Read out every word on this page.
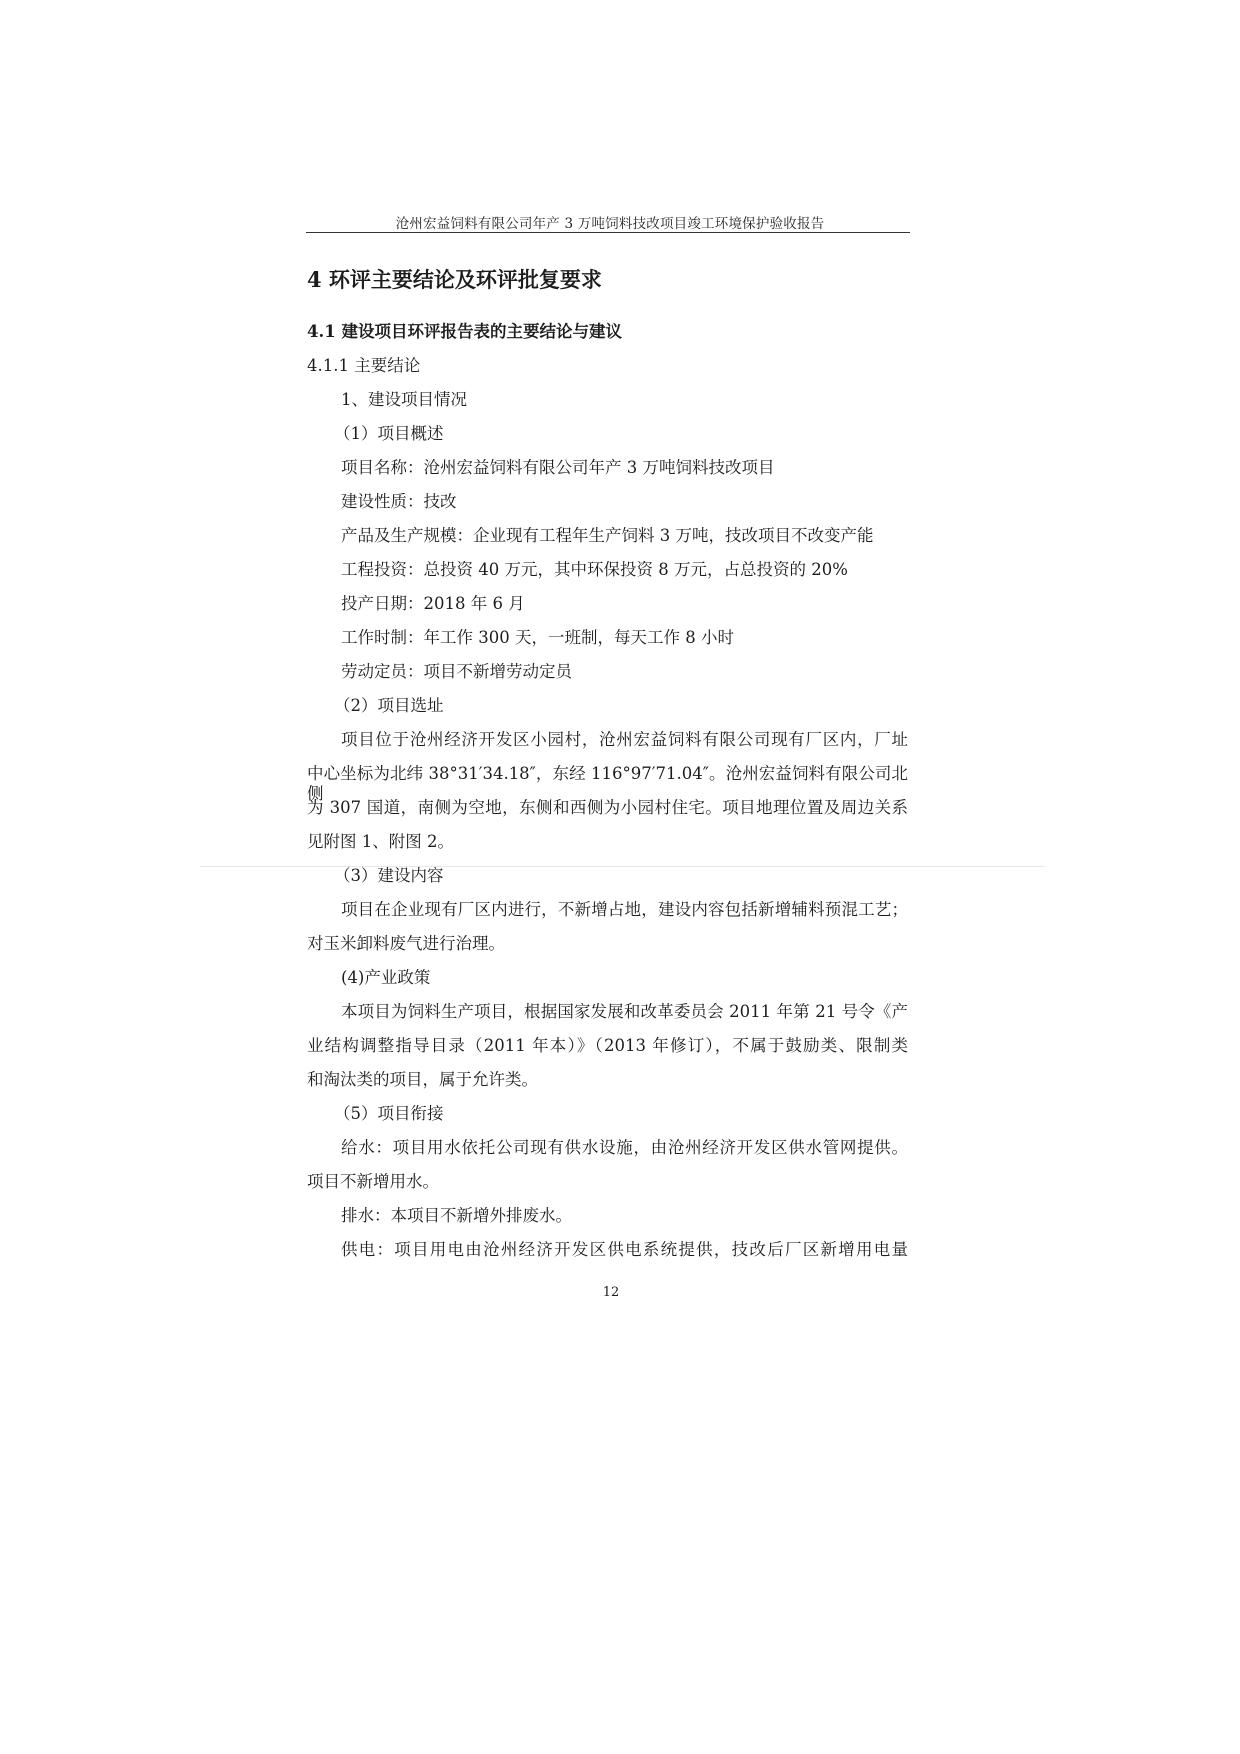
沧州宏益饲料有限公司年产 3 万吨饲料技改项目竣工环境保护验收报告
4 环评主要结论及环评批复要求
4.1 建设项目环评报告表的主要结论与建议
4.1.1 主要结论
1、建设项目情况
（1）项目概述
项目名称：沧州宏益饲料有限公司年产 3 万吨饲料技改项目
建设性质：技改
产品及生产规模：企业现有工程年生产饲料 3 万吨，技改项目不改变产能
工程投资：总投资 40 万元，其中环保投资 8 万元，占总投资的 20%
投产日期：2018 年 6 月
工作时制：年工作 300 天，一班制，每天工作 8 小时
劳动定员：项目不新增劳动定员
（2）项目选址
项目位于沧州经济开发区小园村，沧州宏益饲料有限公司现有厂区内，厂址
中心坐标为北纬 38°31′34.18″，东经 116°97′71.04″。沧州宏益饲料有限公司北侧
为 307 国道，南侧为空地，东侧和西侧为小园村住宅。项目地理位置及周边关系
见附图 1、附图 2。
（3）建设内容
项目在企业现有厂区内进行，不新增占地，建设内容包括新增辅料预混工艺；
对玉米卸料废气进行治理。
(4)产业政策
本项目为饲料生产项目，根据国家发展和改革委员会 2011 年第 21 号令《产
业结构调整指导目录（2011 年本）》（2013 年修订），不属于鼓励类、限制类
和淘汰类的项目，属于允许类。
（5）项目衔接
给水：项目用水依托公司现有供水设施，由沧州经济开发区供水管网提供。
项目不新增用水。
排水：本项目不新增外排废水。
供电：项目用电由沧州经济开发区供电系统提供，技改后厂区新增用电量
12
